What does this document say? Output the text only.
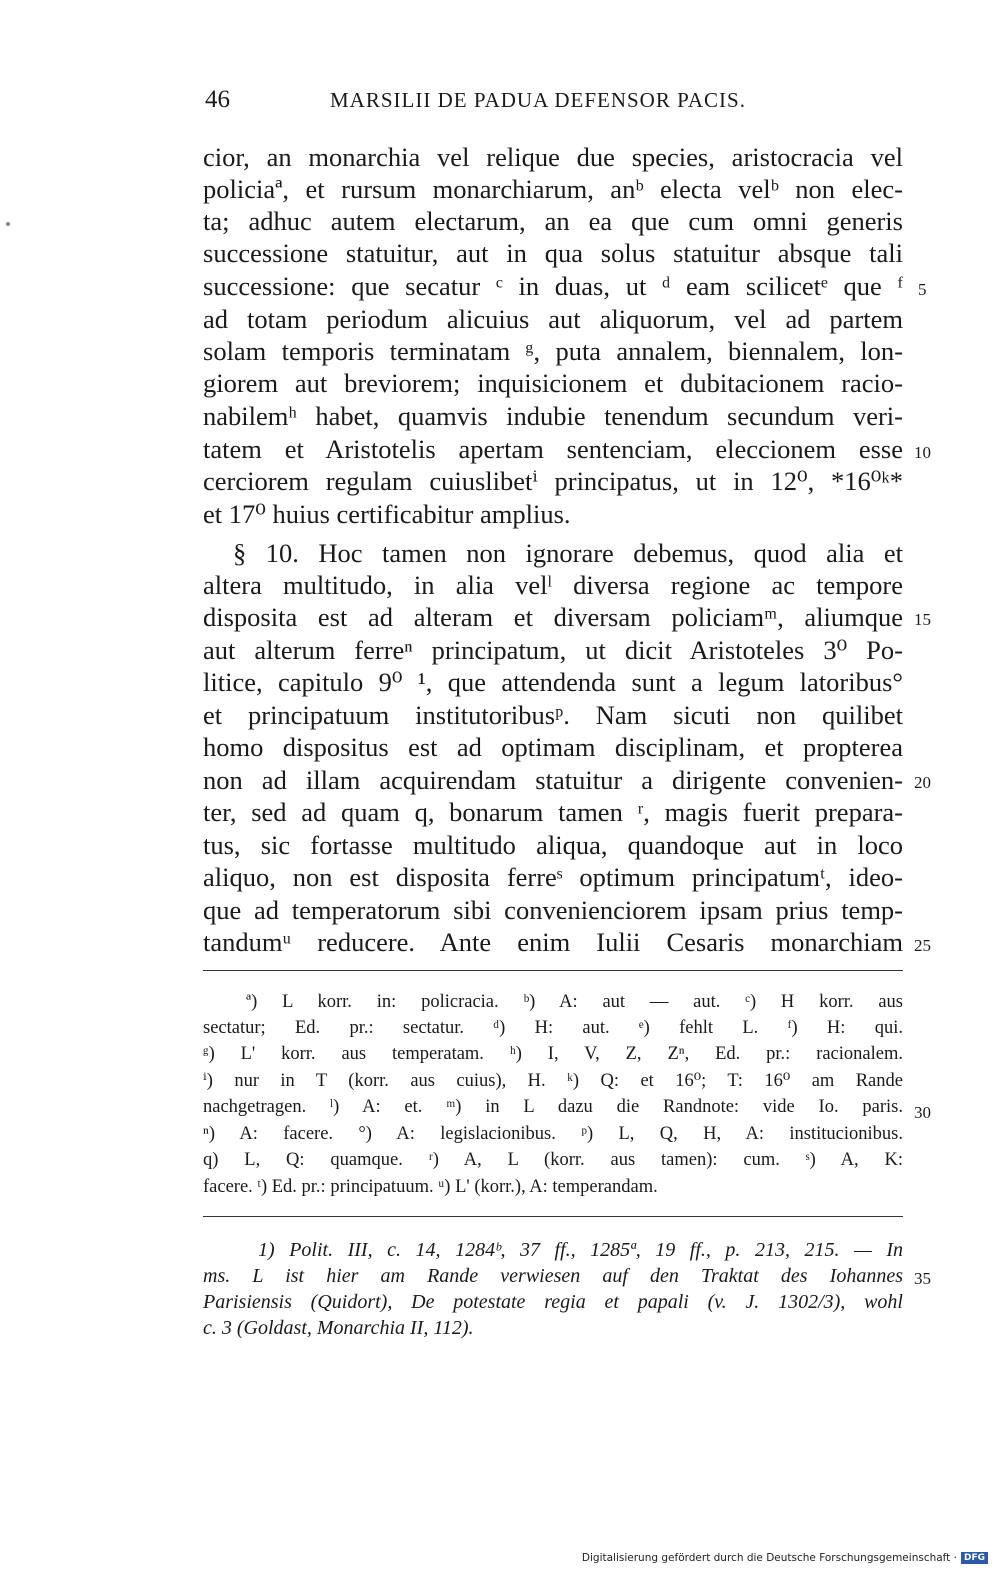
46	MARSILII DE PADUA DEFENSOR PACIS.
cior, an monarchia vel relique due species, aristocracia vel
policiaª, et rursum monarchiarum, anᵇ electa velᵇ non elec-
ta; adhuc autem electarum, an ea que cum omni generis
successione statuitur, aut in qua solus statuitur absque tali
successione: que secatur ᶜ in duas, ut ᵈ eam scilicetᵉ que ᶠ
ad totam periodum alicuius aut aliquorum, vel ad partem
solam temporis terminatam ᵍ, puta annalem, biennalem, lon-
giorem aut breviorem; inquisicionem et dubitacionem racio-
nabilemʰ habet, quamvis indubie tenendum secundum veri-
tatem et Aristotelis apertam sentenciam, eleccionem esse
cerciorem regulam cuiuslibetⁱ principatus, ut in 12⁰, *16⁰ᵏ*
et 17⁰ huius certificabitur amplius.
§ 10. Hoc tamen non ignorare debemus, quod alia et
altera multitudo, in alia velˡ diversa regione ac tempore
disposita est ad alteram et diversam policiamᵐ, aliumque
aut alterum ferreⁿ principatum, ut dicit Aristoteles 3⁰ Po-
litice, capitulo 9⁰ ¹, que attendenda sunt a legum latoribus°
et principatuum institutoribusᵖ. Nam sicuti non quilibet
homo dispositus est ad optimam disciplinam, et propterea
non ad illam acquirendam statuitur a dirigente convenien-
ter, sed ad quam q, bonarum tamen ʳ, magis fuerit prepara-
tus, sic fortasse multitudo aliqua, quandoque aut in loco
aliquo, non est disposita ferreˢ optimum principatumᵗ, ideo-
que ad temperatorum sibi convenienciorem ipsam prius temp-
tandumᵘ reducere. Ante enim Iulii Cesaris monarchiam
5
10
15
20
25
30
35
ª) L korr. in: policracia. ᵇ) A: aut — aut. ᶜ) H korr. aus
sectatur; Ed. pr.: sectatur. ᵈ) H: aut. ᵉ) fehlt L. ᶠ) H: qui.
ᵍ) L' korr. aus temperatam. ʰ) I, V, Z, Zⁿ, Ed. pr.: racionalem.
ⁱ) nur in T (korr. aus cuius), H. ᵏ) Q: et 16⁰; T: 16⁰ am Rande
nachgetragen. ˡ) A: et. ᵐ) in L dazu die Randnote: vide Io. paris.
ⁿ) A: facere. °) A: legislacionibus. ᵖ) L, Q, H, A: institucionibus.
q) L, Q: quamque. ʳ) A, L (korr. aus tamen): cum. ˢ) A, K:
facere. ᵗ) Ed. pr.: principatuum. ᵘ) L' (korr.), A: temperandam.
1) Polit. III, c. 14, 1284ᵇ, 37 ff., 1285ª, 19 ff., p. 213, 215. — In
ms. L ist hier am Rande verwiesen auf den Traktat des Iohannes
Parisiensis (Quidort), De potestate regia et papali (v. J. 1302/3), wohl
c. 3 (Goldast, Monarchia II, 112).
Digitalisierung gefördert durch die Deutsche Forschungsgemeinschaft · DFG
